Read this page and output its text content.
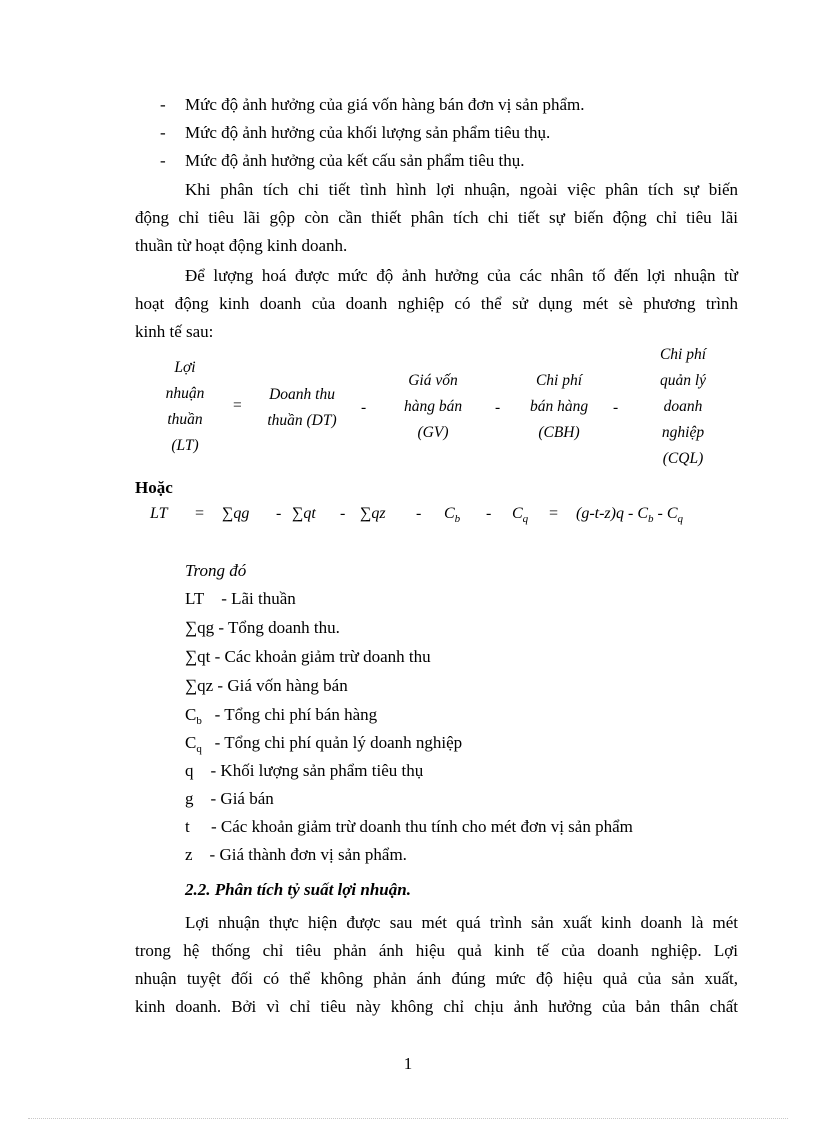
- Mức độ ảnh hưởng của giá vốn hàng bán đơn vị sản phẩm.
- Mức độ ảnh hưởng của khối lượng sản phẩm tiêu thụ.
- Mức độ ảnh hưởng của kết cấu sản phẩm tiêu thụ.
Khi phân tích chi tiết tình hình lợi nhuận, ngoài việc phân tích sự biến
động chỉ tiêu lãi gộp còn cần thiết phân tích chi tiết sự biến động chỉ tiêu lãi
thuần từ hoạt động kinh doanh.
Để lượng hoá được mức độ ảnh hưởng của các nhân tố đến lợi nhuận từ
hoạt động kinh doanh của doanh nghiệp có thể sử dụng mét sè phương trình
kinh tế sau:
Lợi
nhuận
thuần
(LT)
=
Doanh thu
thuần (DT)
-
Giá vốn
hàng bán
(GV)
-
Chi phí
bán hàng
(CBH)
-
Chi phí
quản lý
doanh
nghiệp
(CQL)
Hoặc
LT = $\sum qg - \sum qt - \sum qz - C_b - C_q = (g-t-z)q - C_b - C_q$
Trong đó
LT    - Lãi thuần
∑qg - Tổng doanh thu.
∑qt - Các khoản giảm trừ doanh thu
∑qz - Giá vốn hàng bán
$C_b$   - Tổng chi phí bán hàng
$C_q$   - Tổng chi phí quản lý doanh nghiệp
q    - Khối lượng sản phẩm tiêu thụ
g    - Giá bán
t     - Các khoản giảm trừ doanh thu tính cho mét đơn vị sản phẩm
z    - Giá thành đơn vị sản phẩm.
2.2. Phân tích tỷ suất lợi nhuận.
Lợi nhuận thực hiện được sau mét quá trình sản xuất kinh doanh là mét
trong hệ thống chỉ tiêu phản ánh hiệu quả kinh tế của doanh nghiệp. Lợi
nhuận tuyệt đối có thể không phản ánh đúng mức độ hiệu quả của sản xuất,
kinh doanh. Bởi vì chỉ tiêu này không chỉ chịu ảnh hưởng của bản thân chất
1
